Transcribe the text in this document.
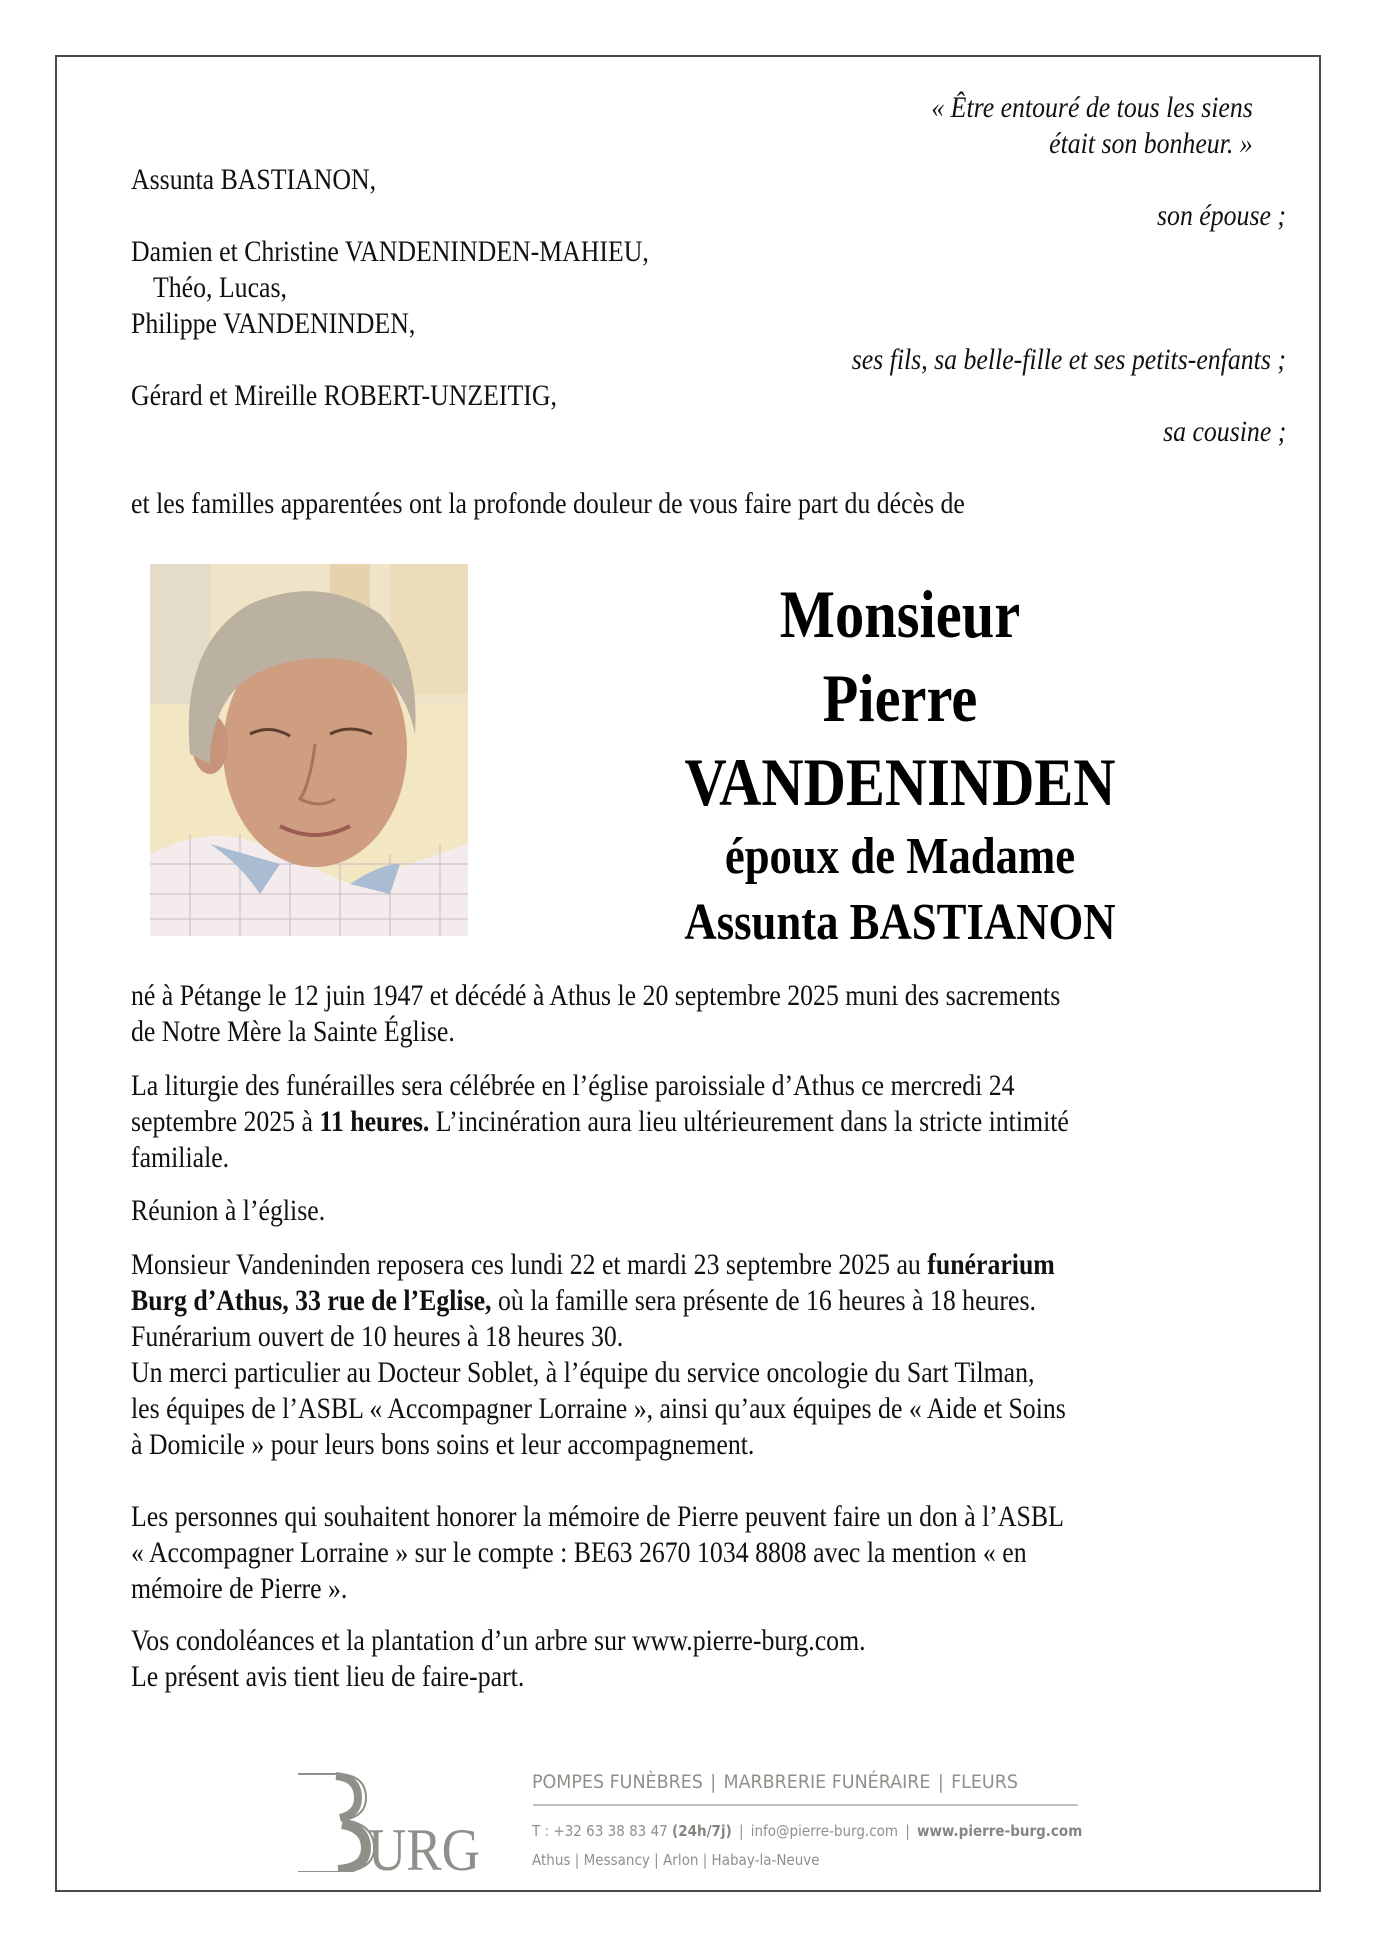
« Être entouré de tous les siens
était son bonheur. »
Assunta BASTIANON,
son épouse ;
Damien et Christine VANDENINDEN-MAHIEU,
Théo, Lucas,
Philippe VANDENINDEN,
ses fils, sa belle-fille et ses petits-enfants ;
Gérard et Mireille ROBERT-UNZEITIG,
sa cousine ;
et les familles apparentées ont la profonde douleur de vous faire part du décès de
Monsieur
Pierre
VANDENINDEN
époux de Madame
Assunta BASTIANON
né à Pétange le 12 juin 1947 et décédé à Athus le 20 septembre 2025 muni des sacrements
de Notre Mère la Sainte Église.
La liturgie des funérailles sera célébrée en l’église paroissiale d’Athus ce mercredi 24
septembre 2025 à 11 heures. L’incinération aura lieu ultérieurement dans la stricte intimité
familiale.
Réunion à l’église.
Monsieur Vandeninden reposera ces lundi 22 et mardi 23 septembre 2025 au funérarium
Burg d’Athus, 33 rue de l’Eglise, où la famille sera présente de 16 heures à 18 heures.
Funérarium ouvert de 10 heures à 18 heures 30.
Un merci particulier au Docteur Soblet, à l’équipe du service oncologie du Sart Tilman,
les équipes de l’ASBL « Accompagner Lorraine », ainsi qu’aux équipes de « Aide et Soins
à Domicile » pour leurs bons soins et leur accompagnement.
Les personnes qui souhaitent honorer la mémoire de Pierre peuvent faire un don à l’ASBL
« Accompagner Lorraine » sur le compte : BE63 2670 1034 8808 avec la mention « en
mémoire de Pierre ».
Vos condoléances et la plantation d’un arbre sur www.pierre-burg.com.
Le présent avis tient lieu de faire-part.
URG
POMPES FUNÈBRES | MARBRERIE FUNÉRAIRE | FLEURS
T : +32 63 38 83 47 (24h/7j) | info@pierre-burg.com | www.pierre-burg.com
Athus | Messancy | Arlon | Habay-la-Neuve
